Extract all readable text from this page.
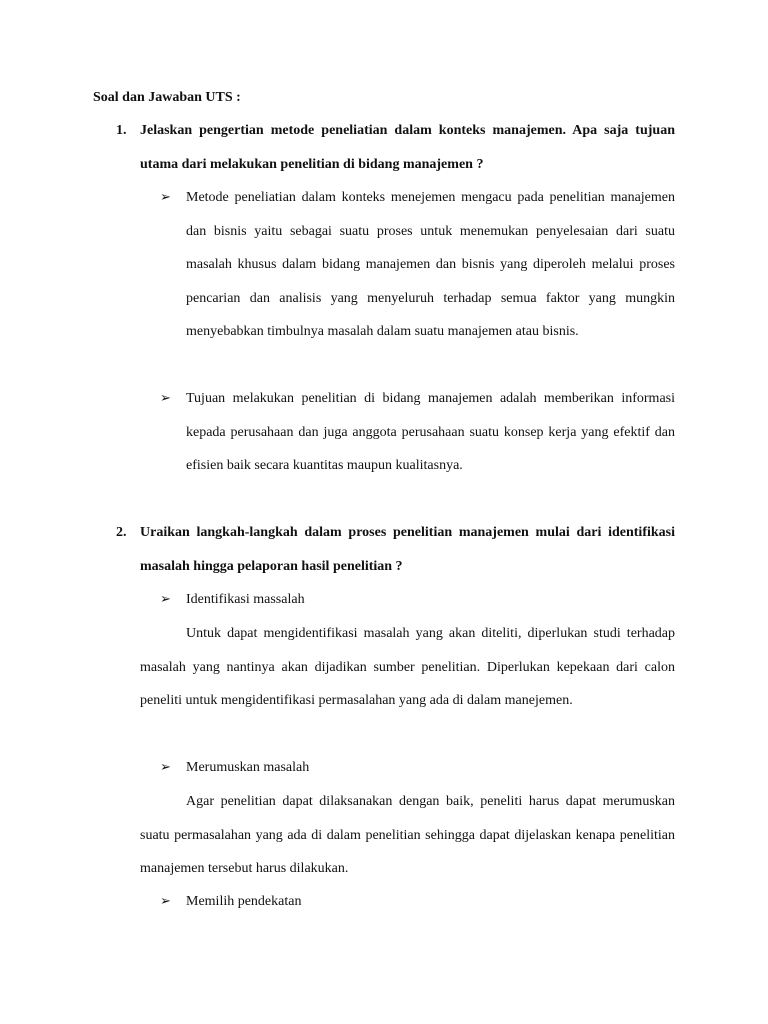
Soal dan Jawaban UTS :

1. Jelaskan pengertian metode peneliatian dalam konteks manajemen. Apa saja tujuan utama dari melakukan penelitian di bidang manajemen ?

➢ Metode peneliatian dalam konteks menejemen mengacu pada penelitian manajemen dan bisnis yaitu sebagai suatu proses untuk menemukan penyelesaian dari suatu masalah khusus dalam bidang manajemen dan bisnis yang diperoleh melalui proses pencarian dan analisis yang menyeluruh terhadap semua faktor yang mungkin menyebabkan timbulnya masalah dalam suatu manajemen atau bisnis.

➢ Tujuan melakukan penelitian di bidang manajemen adalah memberikan informasi kepada perusahaan dan juga anggota perusahaan suatu konsep kerja yang efektif dan efisien baik secara kuantitas maupun kualitasnya.

2. Uraikan langkah-langkah dalam proses penelitian manajemen mulai dari identifikasi masalah hingga pelaporan hasil penelitian ?

➢ Identifikasi massalah

Untuk dapat mengidentifikasi masalah yang akan diteliti, diperlukan studi terhadap masalah yang nantinya akan dijadikan sumber penelitian. Diperlukan kepekaan dari calon peneliti untuk mengidentifikasi permasalahan yang ada di dalam manejemen.

➢ Merumuskan masalah

Agar penelitian dapat dilaksanakan dengan baik, peneliti harus dapat merumuskan suatu permasalahan yang ada di dalam penelitian sehingga dapat dijelaskan kenapa penelitian manajemen tersebut harus dilakukan.

➢ Memilih pendekatan
